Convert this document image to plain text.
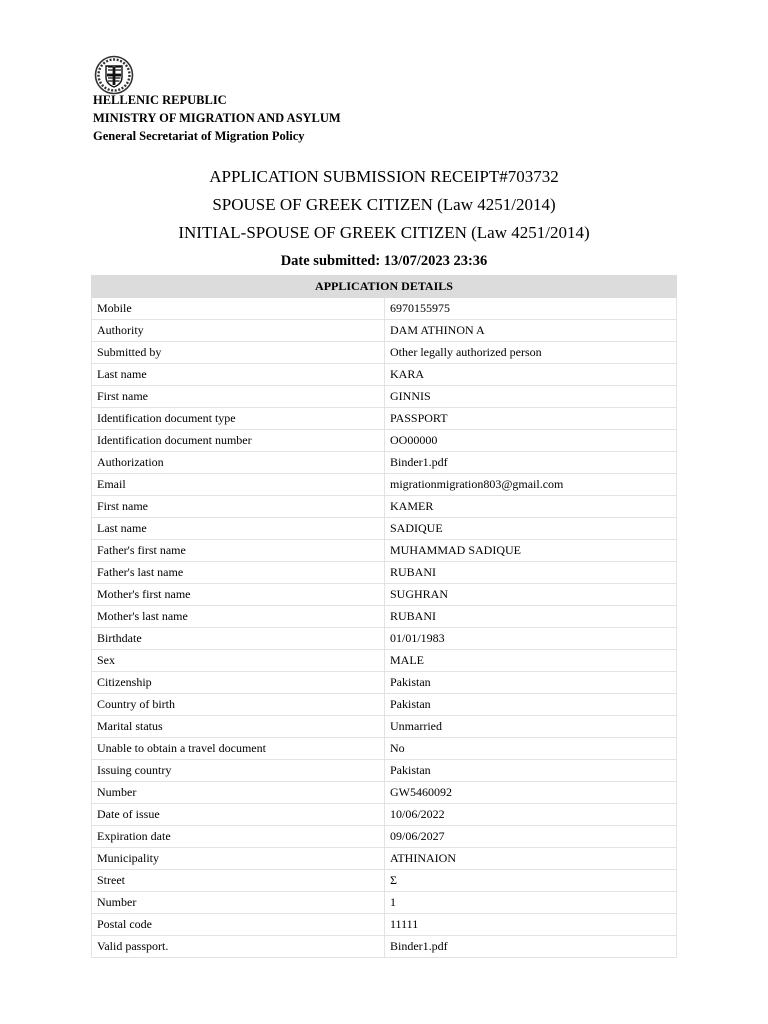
HELLENIC REPUBLIC
MINISTRY OF MIGRATION AND ASYLUM
General Secretariat of Migration Policy
APPLICATION SUBMISSION RECEIPT#703732
SPOUSE OF GREEK CITIZEN (Law 4251/2014)
INITIAL-SPOUSE OF GREEK CITIZEN (Law 4251/2014)
Date submitted: 13/07/2023 23:36
APPLICATION DETAILS	
Mobile	6970155975
Authority	DAM ATHINON A
Submitted by	Other legally authorized person
Last name	KARA
First name	GINNIS
Identification document type	PASSPORT
Identification document number	OO00000
Authorization	Binder1.pdf
Email	migrationmigration803@gmail.com
First name	KAMER
Last name	SADIQUE
Father's first name	MUHAMMAD SADIQUE
Father's last name	RUBANI
Mother's first name	SUGHRAN
Mother's last name	RUBANI
Birthdate	01/01/1983
Sex	MALE
Citizenship	Pakistan
Country of birth	Pakistan
Marital status	Unmarried
Unable to obtain a travel document	No
Issuing country	Pakistan
Number	GW5460092
Date of issue	10/06/2022
Expiration date	09/06/2027
Municipality	ATHINAION
Street	Σ
Number	1
Postal code	11111
Valid passport.	Binder1.pdf
